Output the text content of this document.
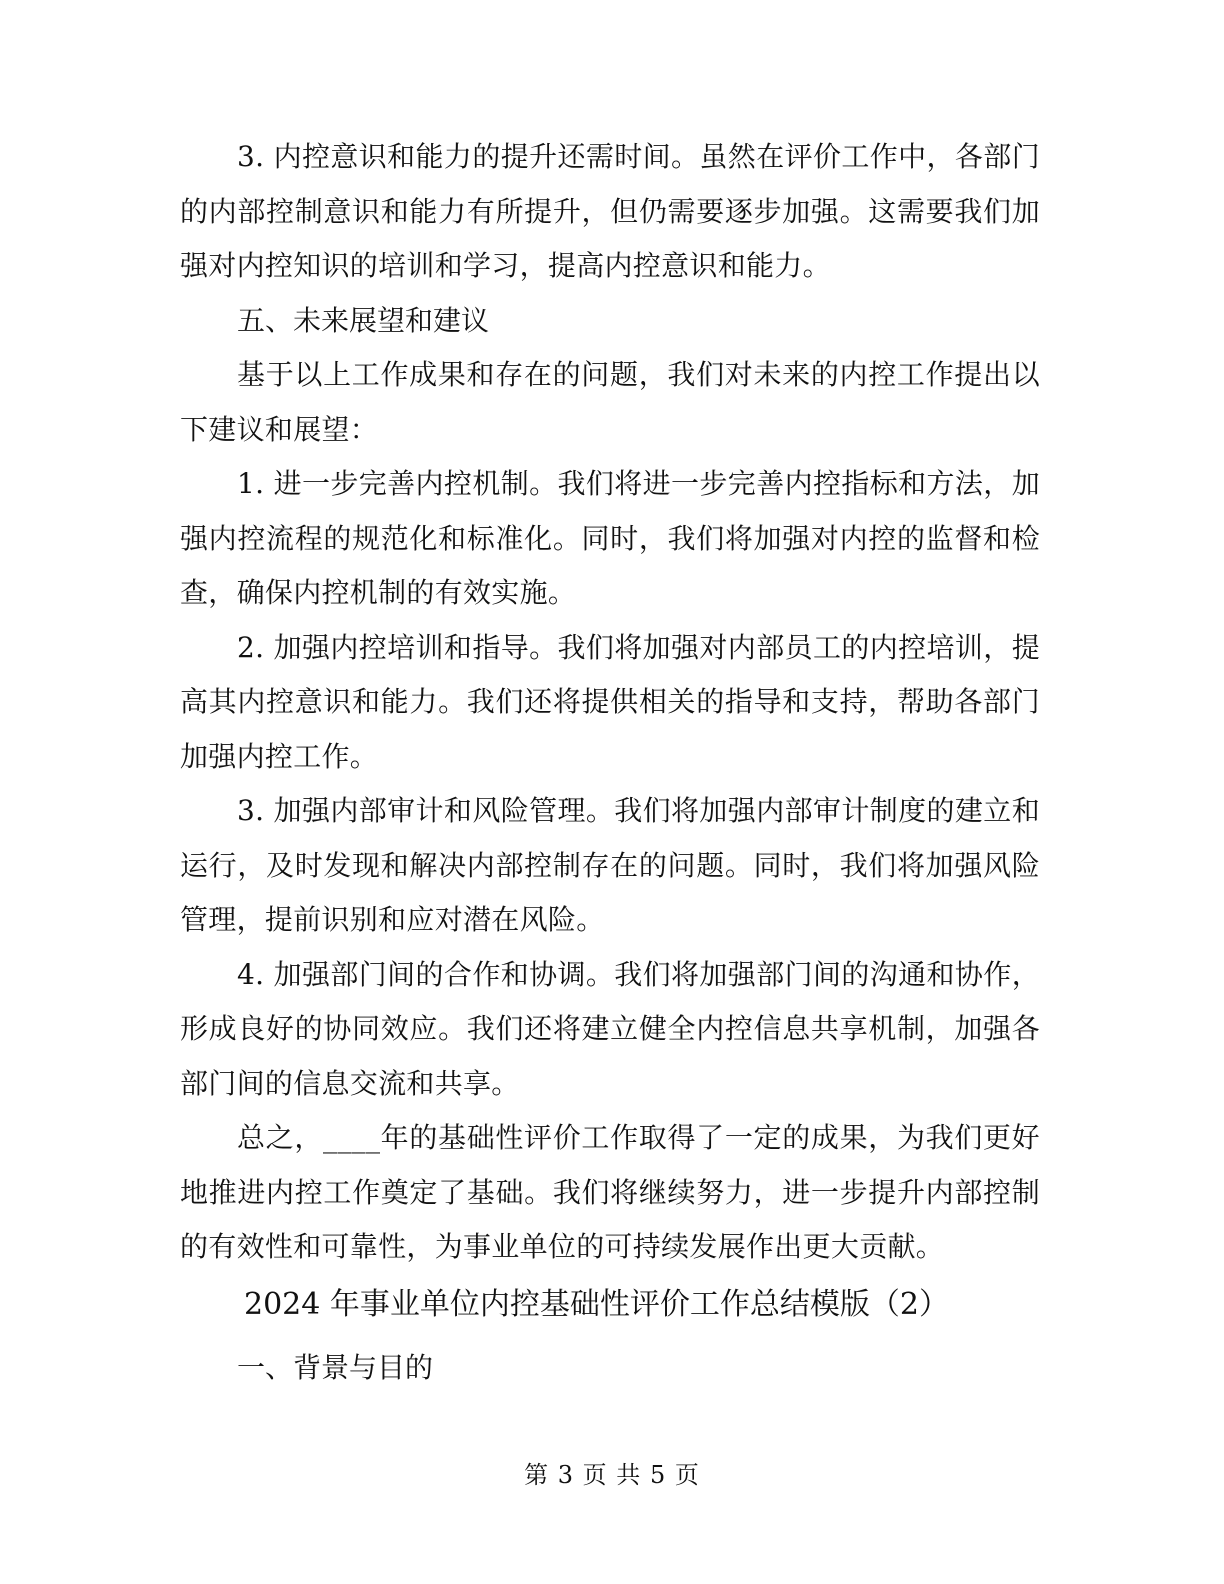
3. 内控意识和能力的提升还需时间。虽然在评价工作中，各部门的内部控制意识和能力有所提升，但仍需要逐步加强。这需要我们加强对内控知识的培训和学习，提高内控意识和能力。

五、未来展望和建议

基于以上工作成果和存在的问题，我们对未来的内控工作提出以下建议和展望：

1. 进一步完善内控机制。我们将进一步完善内控指标和方法，加强内控流程的规范化和标准化。同时，我们将加强对内控的监督和检查，确保内控机制的有效实施。

2. 加强内控培训和指导。我们将加强对内部员工的内控培训，提高其内控意识和能力。我们还将提供相关的指导和支持，帮助各部门加强内控工作。

3. 加强内部审计和风险管理。我们将加强内部审计制度的建立和运行，及时发现和解决内部控制存在的问题。同时，我们将加强风险管理，提前识别和应对潜在风险。

4. 加强部门间的合作和协调。我们将加强部门间的沟通和协作，形成良好的协同效应。我们还将建立健全内控信息共享机制，加强各部门间的信息交流和共享。

总之，____年的基础性评价工作取得了一定的成果，为我们更好地推进内控工作奠定了基础。我们将继续努力，进一步提升内部控制的有效性和可靠性，为事业单位的可持续发展作出更大贡献。

2024 年事业单位内控基础性评价工作总结模版（2）

一、背景与目的

第 3 页 共 5 页
